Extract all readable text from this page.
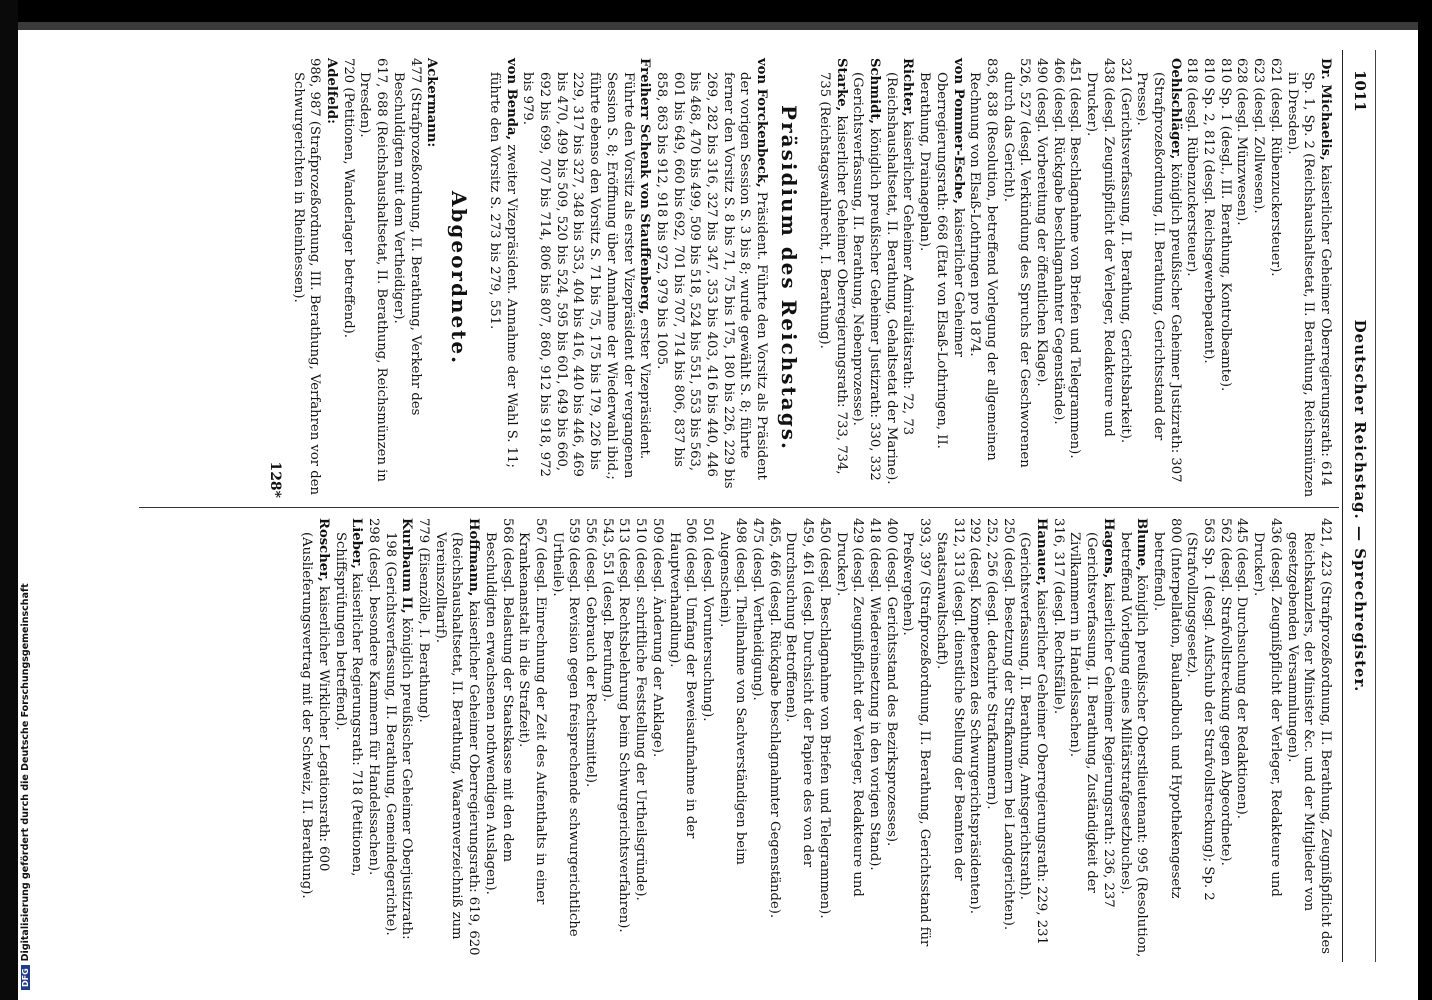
DFGDigitalisierung gefördert durch die Deutsche Forschungsgemeinschaft
1011
Deutscher Reichstag. — Sprechregister.

Dr. Michaelis, kaiserlicher Geheimer Oberregierungsrath: 614 Sp. 1, Sp. 2 (Reichshaushaltsetat, II. Berathung, Reichsmünzen in Dresden).

621 (desgl. Rübenzuckersteuer).

623 (desgl. Zollwesen).

628 (desgl. Münzwesen).

810 Sp. 1 (desgl., III. Berathung, Kontrolbeamte).

810 Sp. 2, 812 (desgl. Reichsgewerbepatent).

818 (desgl. Rübenzuckersteuer).

Oehlschläger, königlich preußischer Geheimer Justizrath: 307 (Strafprozeßordnung, II. Berathung, Gerichtsstand der Presse).

321 (Gerichtsverfassung, II. Berathung, Gerichtsbarkeit).

438 (desgl. Zeugnißpflicht der Verleger, Redakteure und Drucker).

451 (desgl. Beschlagnahme von Briefen und Telegrammen).

466 (desgl. Rückgabe beschlagnahmter Gegenstände).

490 (desgl. Vorbereitung der öffentlichen Klage).

526, 527 (desgl. Verkündung des Spruchs der Geschworenen durch das Gericht).

836, 838 (Resolution, betreffend Vorlegung der allgemeinen Rechnung von Elsaß-Lothringen pro 1874.

von Pommer-Esche, kaiserlicher Geheimer Oberregierungsrath: 668 (Etat von Elsaß-Lothringen, II. Berathung, Drainageplan).

Richter, kaiserlicher Geheimer Admiralitätsrath: 72, 73 (Reichshaushaltsetat, II. Berathung, Gehaltsetat der Marine).

Schmidt, königlich preußischer Geheimer Justizrath: 330, 332 (Gerichtsverfassung, II. Berathung, Nebenprozesse).

Starke, kaiserlicher Geheimer Oberregierungsrath: 733, 734, 735 (Reichstagswahlrecht, I. Berathung).

Präsidium des Reichstags.

von Forckenbeck, Präsident. Führte den Vorsitz als Präsident der vorigen Session S. 3 bis 8; wurde gewählt S. 8; führte ferner den Vorsitz S. 8 bis 71, 75 bis 175, 180 bis 226, 229 bis 269, 282 bis 316, 327 bis 347, 353 bis 403, 416 bis 440, 446 bis 468, 470 bis 499, 509 bis 518, 524 bis 551, 553 bis 563, 601 bis 649, 660 bis 692, 701 bis 707, 714 bis 806, 837 bis 858, 863 bis 912, 918 bis 972, 979 bis 1005.

Freiherr Schenk von Stauffenberg, erster Vizepräsident. Führte den Vorsitz als erster Vizepräsident der vergangenen Session S. 8; Eröffnung über Annahme der Wiederwahl ibid.; führte ebenso den Vorsitz S. 71 bis 75, 175 bis 179, 226 bis 229, 317 bis 327, 348 bis 353, 404 bis 416, 440 bis 446, 469 bis 470, 499 bis 509, 520 bis 524, 595 bis 601, 649 bis 660, 692 bis 699, 707 bis 714, 806 bis 807, 860, 912 bis 918, 972 bis 979.

von Benda, zweiter Vizepräsident. Annahme der Wahl S. 11; führte den Vorsitz S. 273 bis 279, 551.

Abgeordnete.

Ackermann:

477 (Strafprozeßordnung, II. Berathung, Verkehr des Beschuldigten mit dem Vertheidiger).

617, 688 (Reichshaushaltsetat, II. Berathung, Reichsmünzen in Dresden).

720 (Petitionen, Wanderlager betreffend).

Adelfeld:

986, 987 (Strafprozeßordnung, III. Berathung, Verfahren vor den Schwurgerichten in Rheinhessen).

128*

421, 423 (Strafprozeßordnung, II. Berathung, Zeugnißpflicht des Reichskanzlers, der Minister &c. und der Mitglieder von gesetzgebenden Versammlungen).

436 (desgl. Zeugnißpflicht der Verleger, Redakteure und Drucker).

445 (desgl. Durchsuchung der Redaktionen).

562 (desgl. Strafvollstreckung gegen Abgeordnete).

563 Sp. 1 (desgl. Aufschub der Strafvollstreckung); Sp. 2 (Strafvollzugsgesetz).

800 (Interpellation, Baulandbuch und Hypothekengesetz betreffend).

Blume, königlich preußischer Oberstlieutenant: 995 (Resolution, betreffend Vorlegung eines Militärstrafgesetzbuches).

Hagens, kaiserlicher Geheimer Regierungsrath: 236, 237 (Gerichtsverfassung, II. Berathung, Zuständigkeit der Zivilkammern in Handelssachen).

316, 317 (desgl. Rechtsfälle).

Hanauer, kaiserlicher Geheimer Oberregierungsrath: 229, 231 (Gerichtsverfassung, II. Berathung, Amtsgerichtsrath).

250 (desgl. Besetzung der Strafkammern bei Landgerichten).

252, 256 (desgl. detachirte Strafkammern).

292 (desgl. Kompetenzen des Schwurgerichtspräsidenten).

312, 313 (desgl. dienstliche Stellung der Beamten der Staatsanwaltschaft).

393, 397 (Strafprozeßordnung, II. Berathung, Gerichtsstand für Preßvergehen).

400 (desgl. Gerichtsstand des Bezirksprozesses).

418 (desgl. Wiedereinsetzung in den vorigen Stand).

429 (desgl. Zeugnißpflicht der Verleger, Redakteure und Drucker).

450 (desgl. Beschlagnahme von Briefen und Telegrammen).

459, 461 (desgl. Durchsicht der Papiere des von der Durchsuchung Betroffenen).

465, 466 (desgl. Rückgabe beschlagnahmter Gegenstände).

475 (desgl. Vertheidigung).

498 (desgl. Theilnahme von Sachverständigen beim Augenschein).

501 (desgl. Voruntersuchung).

506 (desgl. Umfang der Beweisaufnahme in der Hauptverhandlung).

509 (desgl. Änderung der Anklage).

510 (desgl. schriftliche Feststellung der Urtheilsgründe).

513 (desgl. Rechtsbelehrung beim Schwurgerichtsverfahren).

543, 551 (desgl. Berufung).

556 (desgl. Gebrauch der Rechtsmittel).

559 (desgl. Revision gegen freisprechende schwurgerichtliche Urtheile).

567 (desgl. Einrechnung der Zeit des Aufenthalts in einer Krankenanstalt in die Strafzeit).

568 (desgl. Belastung der Staatskasse mit den dem Beschuldigten erwachsenen nothwendigen Auslagen).

Hoffmann, kaiserlicher Geheimer Oberregierungsrath: 619, 620 (Reichshaushaltsetat, II. Berathung, Waarenverzeichniß zum Vereinszolltarif).

779 (Eisenzölle, I. Berathung).

Kurlbaum II, königlich preußischer Geheimer Oberjustizrath: 198 (Gerichtsverfassung, II. Berathung, Gemeindegerichte).

298 (desgl. besondere Kammern für Handelssachen).

Lieber, kaiserlicher Regierungsrath: 718 (Petitionen, Schiffsprüfungen betreffend).

Roscher, kaiserlicher Wirklicher Legationsrath: 600 (Auslieferungsvertrag mit der Schweiz, II. Berathung).
